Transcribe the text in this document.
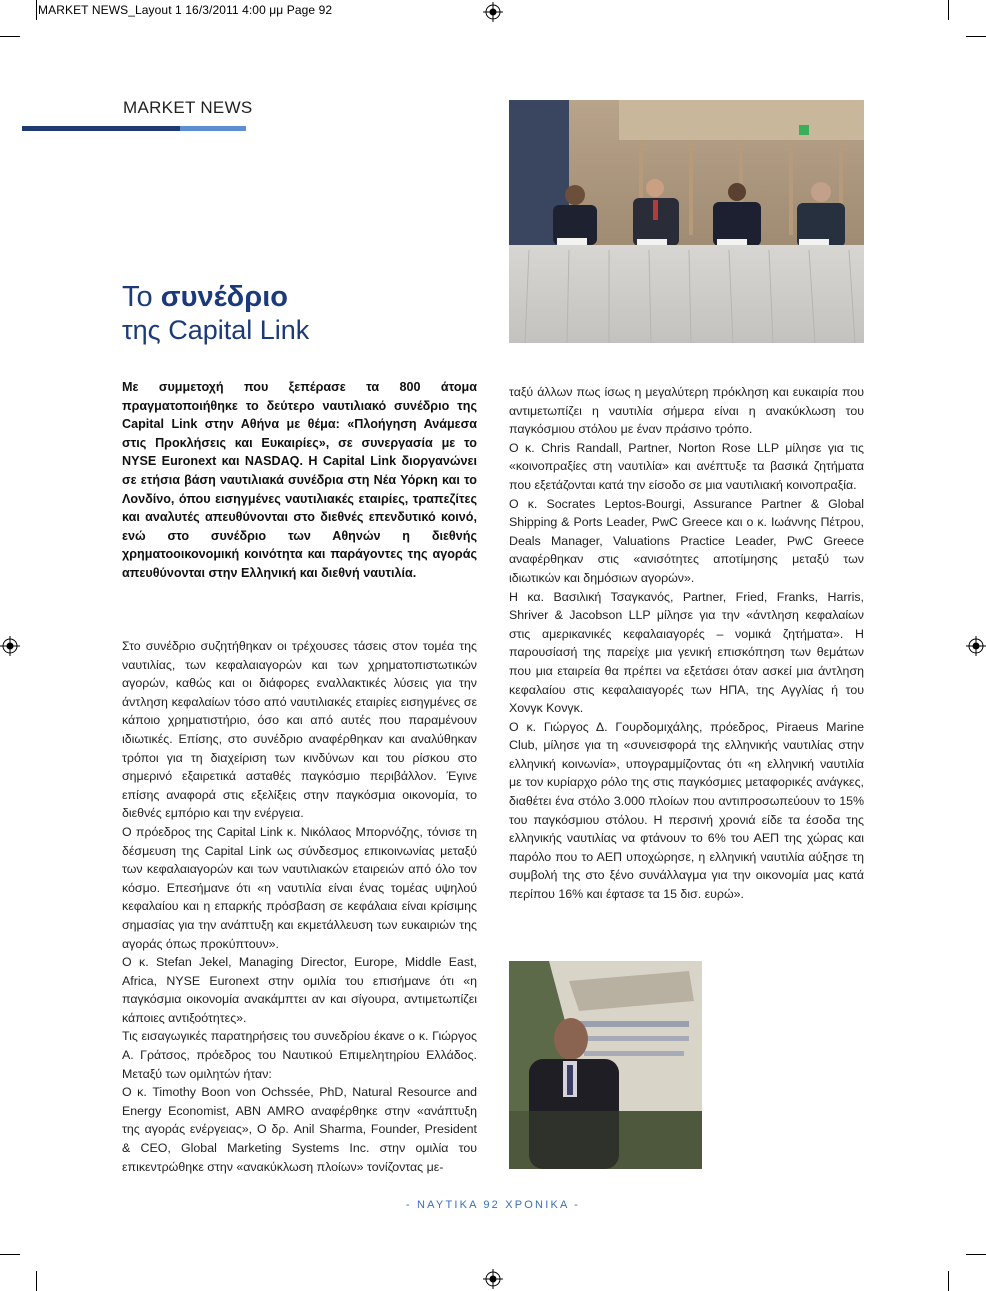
MARKET NEWS_Layout 1 16/3/2011 4:00 μμ Page 92
MARKET NEWS
Το συνέδριο
της Capital Link

Με συμμετοχή που ξεπέρασε τα 800 άτομα πραγματοποιήθηκε το δεύτερο ναυτιλιακό συνέδριο της Capital Link στην Αθήνα με θέμα: «Πλοήγηση Ανάμεσα στις Προκλήσεις και Ευκαιρίες», σε συνεργασία με το NYSE Euronext και NASDAQ. Η Capital Link διοργανώνει σε ετήσια βάση ναυτιλιακά συνέδρια στη Νέα Υόρκη και το Λονδίνο, όπου εισηγμένες ναυτιλιακές εταιρίες, τραπεζίτες και αναλυτές απευθύνονται στο διεθνές επενδυτικό κοινό, ενώ στο συνέδριο των Αθηνών η διεθνής χρηματοοικονομική κοινότητα και παράγοντες της αγοράς απευθύνονται στην Ελληνική και διεθνή ναυτιλία.

Στο συνέδριο συζητήθηκαν οι τρέχουσες τάσεις στον τομέα της ναυτιλίας, των κεφαλαιαγορών και των χρηματοπιστωτικών αγορών, καθώς και οι διάφορες εναλλακτικές λύσεις για την άντληση κεφαλαίων τόσο από ναυτιλιακές εταιρίες εισηγμένες σε κάποιο χρηματιστήριο, όσο και από αυτές που παραμένουν ιδιωτικές. Επίσης, στο συνέδριο αναφέρθηκαν και αναλύθηκαν τρόποι για τη διαχείριση των κινδύνων και του ρίσκου στο σημερινό εξαιρετικά ασταθές παγκόσμιο περιβάλλον. Έγινε επίσης αναφορά στις εξελίξεις στην παγκόσμια οικονομία, το διεθνές εμπόριο και την ενέργεια.

Ο πρόεδρος της Capital Link κ. Νικόλαος Μπορνόζης, τόνισε τη δέσμευση της Capital Link ως σύνδεσμος επικοινωνίας μεταξύ των κεφαλαιαγορών και των ναυτιλιακών εταιρειών από όλο τον κόσμο. Επεσήμανε ότι «η ναυτιλία είναι ένας τομέας υψηλού κεφαλαίου και η επαρκής πρόσβαση σε κεφάλαια είναι κρίσιμης σημασίας για την ανάπτυξη και εκμετάλλευση των ευκαιριών της αγοράς όπως προκύπτουν».

Ο κ. Stefan Jekel, Managing Director, Europe, Middle East, Africa, NYSE Euronext στην ομιλία του επισήμανε ότι «η παγκόσμια οικονομία ανακάμπτει αν και σίγουρα, αντιμετωπίζει κάποιες αντιξοότητες».

Τις εισαγωγικές παρατηρήσεις του συνεδρίου έκανε ο κ. Γιώργος Α. Γράτσος, πρόεδρος του Ναυτικού Επιμελητηρίου Ελλάδος. Μεταξύ των ομιλητών ήταν:

Ο κ. Timothy Boon von Ochssée, PhD, Natural Resource and Energy Economist, ABN AMRO αναφέρθηκε στην «ανάπτυξη της αγοράς ενέργειας», Ο δρ. Anil Sharma, Founder, President & CEO, Global Marketing Systems Inc. στην ομιλία του επικεντρώθηκε στην «ανακύκλωση πλοίων» τονίζοντας με-

ταξύ άλλων πως ίσως η μεγαλύτερη πρόκληση και ευκαιρία που αντιμετωπίζει η ναυτιλία σήμερα είναι η ανακύκλωση του παγκόσμιου στόλου με έναν πράσινο τρόπο.

Ο κ. Chris Randall, Partner, Norton Rose LLP μίλησε για τις «κοινοπραξίες στη ναυτιλία» και ανέπτυξε τα βασικά ζητήματα που εξετάζονται κατά την είσοδο σε μια ναυτιλιακή κοινοπραξία.

Ο κ. Socrates Leptos-Bourgi, Assurance Partner & Global Shipping & Ports Leader, PwC Greece και ο κ. Ιωάννης Πέτρου, Deals Manager, Valuations Practice Leader, PwC Greece αναφέρθηκαν στις «ανισότητες αποτίμησης μεταξύ των ιδιωτικών και δημόσιων αγορών».

Η κα. Βασιλική Τσαγκανός, Partner, Fried, Franks, Harris, Shriver & Jacobson LLP μίλησε για την «άντληση κεφαλαίων στις αμερικανικές κεφαλαιαγορές – νομικά ζητήματα». Η παρουσίασή της παρείχε μια γενική επισκόπηση των θεμάτων που μια εταιρεία θα πρέπει να εξετάσει όταν ασκεί μια άντληση κεφαλαίου στις κεφαλαιαγορές των ΗΠΑ, της Αγγλίας ή του Χονγκ Κονγκ.

Ο κ. Γιώργος Δ. Γουρδομιχάλης, πρόεδρος, Piraeus Marine Club, μίλησε για τη «συνεισφορά της ελληνικής ναυτιλίας στην ελληνική κοινωνία», υπογραμμίζοντας ότι «η ελληνική ναυτιλία με τον κυρίαρχο ρόλο της στις παγκόσμιες μεταφορικές ανάγκες, διαθέτει ένα στόλο 3.000 πλοίων που αντιπροσωπεύουν το 15% του παγκόσμιου στόλου. Η περσινή χρονιά είδε τα έσοδα της ελληνικής ναυτιλίας να φτάνουν το 6% του ΑΕΠ της χώρας και παρόλο που το ΑΕΠ υποχώρησε, η ελληνική ναυτιλία αύξησε τη συμβολή της στο ξένο συνάλλαγμα για την οικονομία μας κατά περίπου 16% και έφτασε τα 15 δισ. ευρώ».

- ΝΑΥΤΙΚΑ 92 ΧΡΟΝΙΚΑ -
